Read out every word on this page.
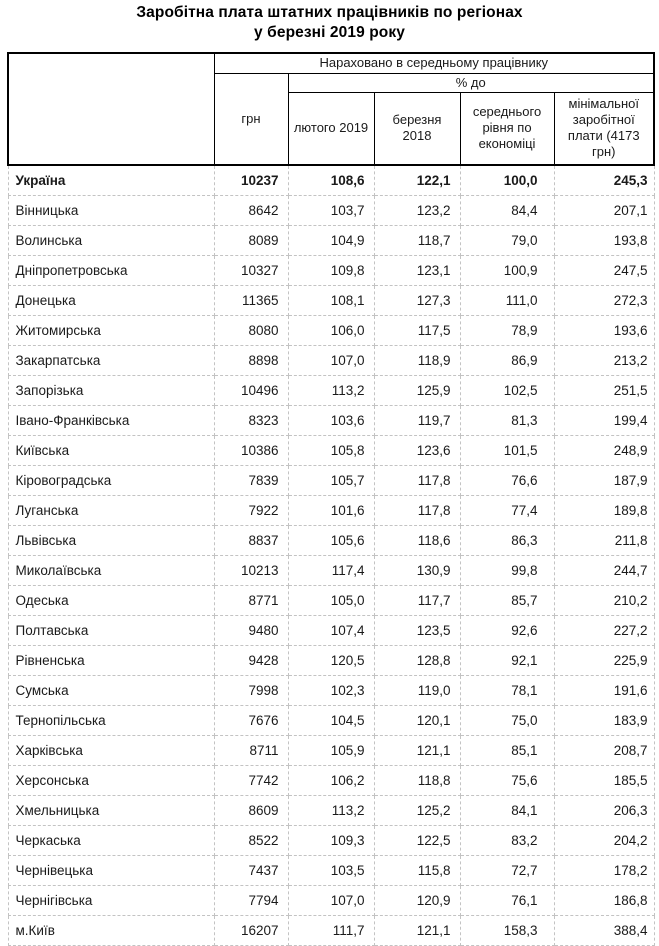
Заробітна плата штатних працівників по регіонах
у березні 2019 року
	Нараховано в середньому працівнику				
	грн	% до			
		лютого 2019	березня 2018	середнього рівня по економіці	мінімальної заробітної плати (4173 грн)
Україна	10237	108,6	122,1	100,0	245,3
Вінницька	8642	103,7	123,2	84,4	207,1
Волинська	8089	104,9	118,7	79,0	193,8
Дніпропетровська	10327	109,8	123,1	100,9	247,5
Донецька	11365	108,1	127,3	111,0	272,3
Житомирська	8080	106,0	117,5	78,9	193,6
Закарпатська	8898	107,0	118,9	86,9	213,2
Запорізька	10496	113,2	125,9	102,5	251,5
Івано-Франківська	8323	103,6	119,7	81,3	199,4
Київська	10386	105,8	123,6	101,5	248,9
Кіровоградська	7839	105,7	117,8	76,6	187,9
Луганська	7922	101,6	117,8	77,4	189,8
Львівська	8837	105,6	118,6	86,3	211,8
Миколаївська	10213	117,4	130,9	99,8	244,7
Одеська	8771	105,0	117,7	85,7	210,2
Полтавська	9480	107,4	123,5	92,6	227,2
Рівненська	9428	120,5	128,8	92,1	225,9
Сумська	7998	102,3	119,0	78,1	191,6
Тернопільська	7676	104,5	120,1	75,0	183,9
Харківська	8711	105,9	121,1	85,1	208,7
Херсонська	7742	106,2	118,8	75,6	185,5
Хмельницька	8609	113,2	125,2	84,1	206,3
Черкаська	8522	109,3	122,5	83,2	204,2
Чернівецька	7437	103,5	115,8	72,7	178,2
Чернігівська	7794	107,0	120,9	76,1	186,8
м.Київ	16207	111,7	121,1	158,3	388,4
